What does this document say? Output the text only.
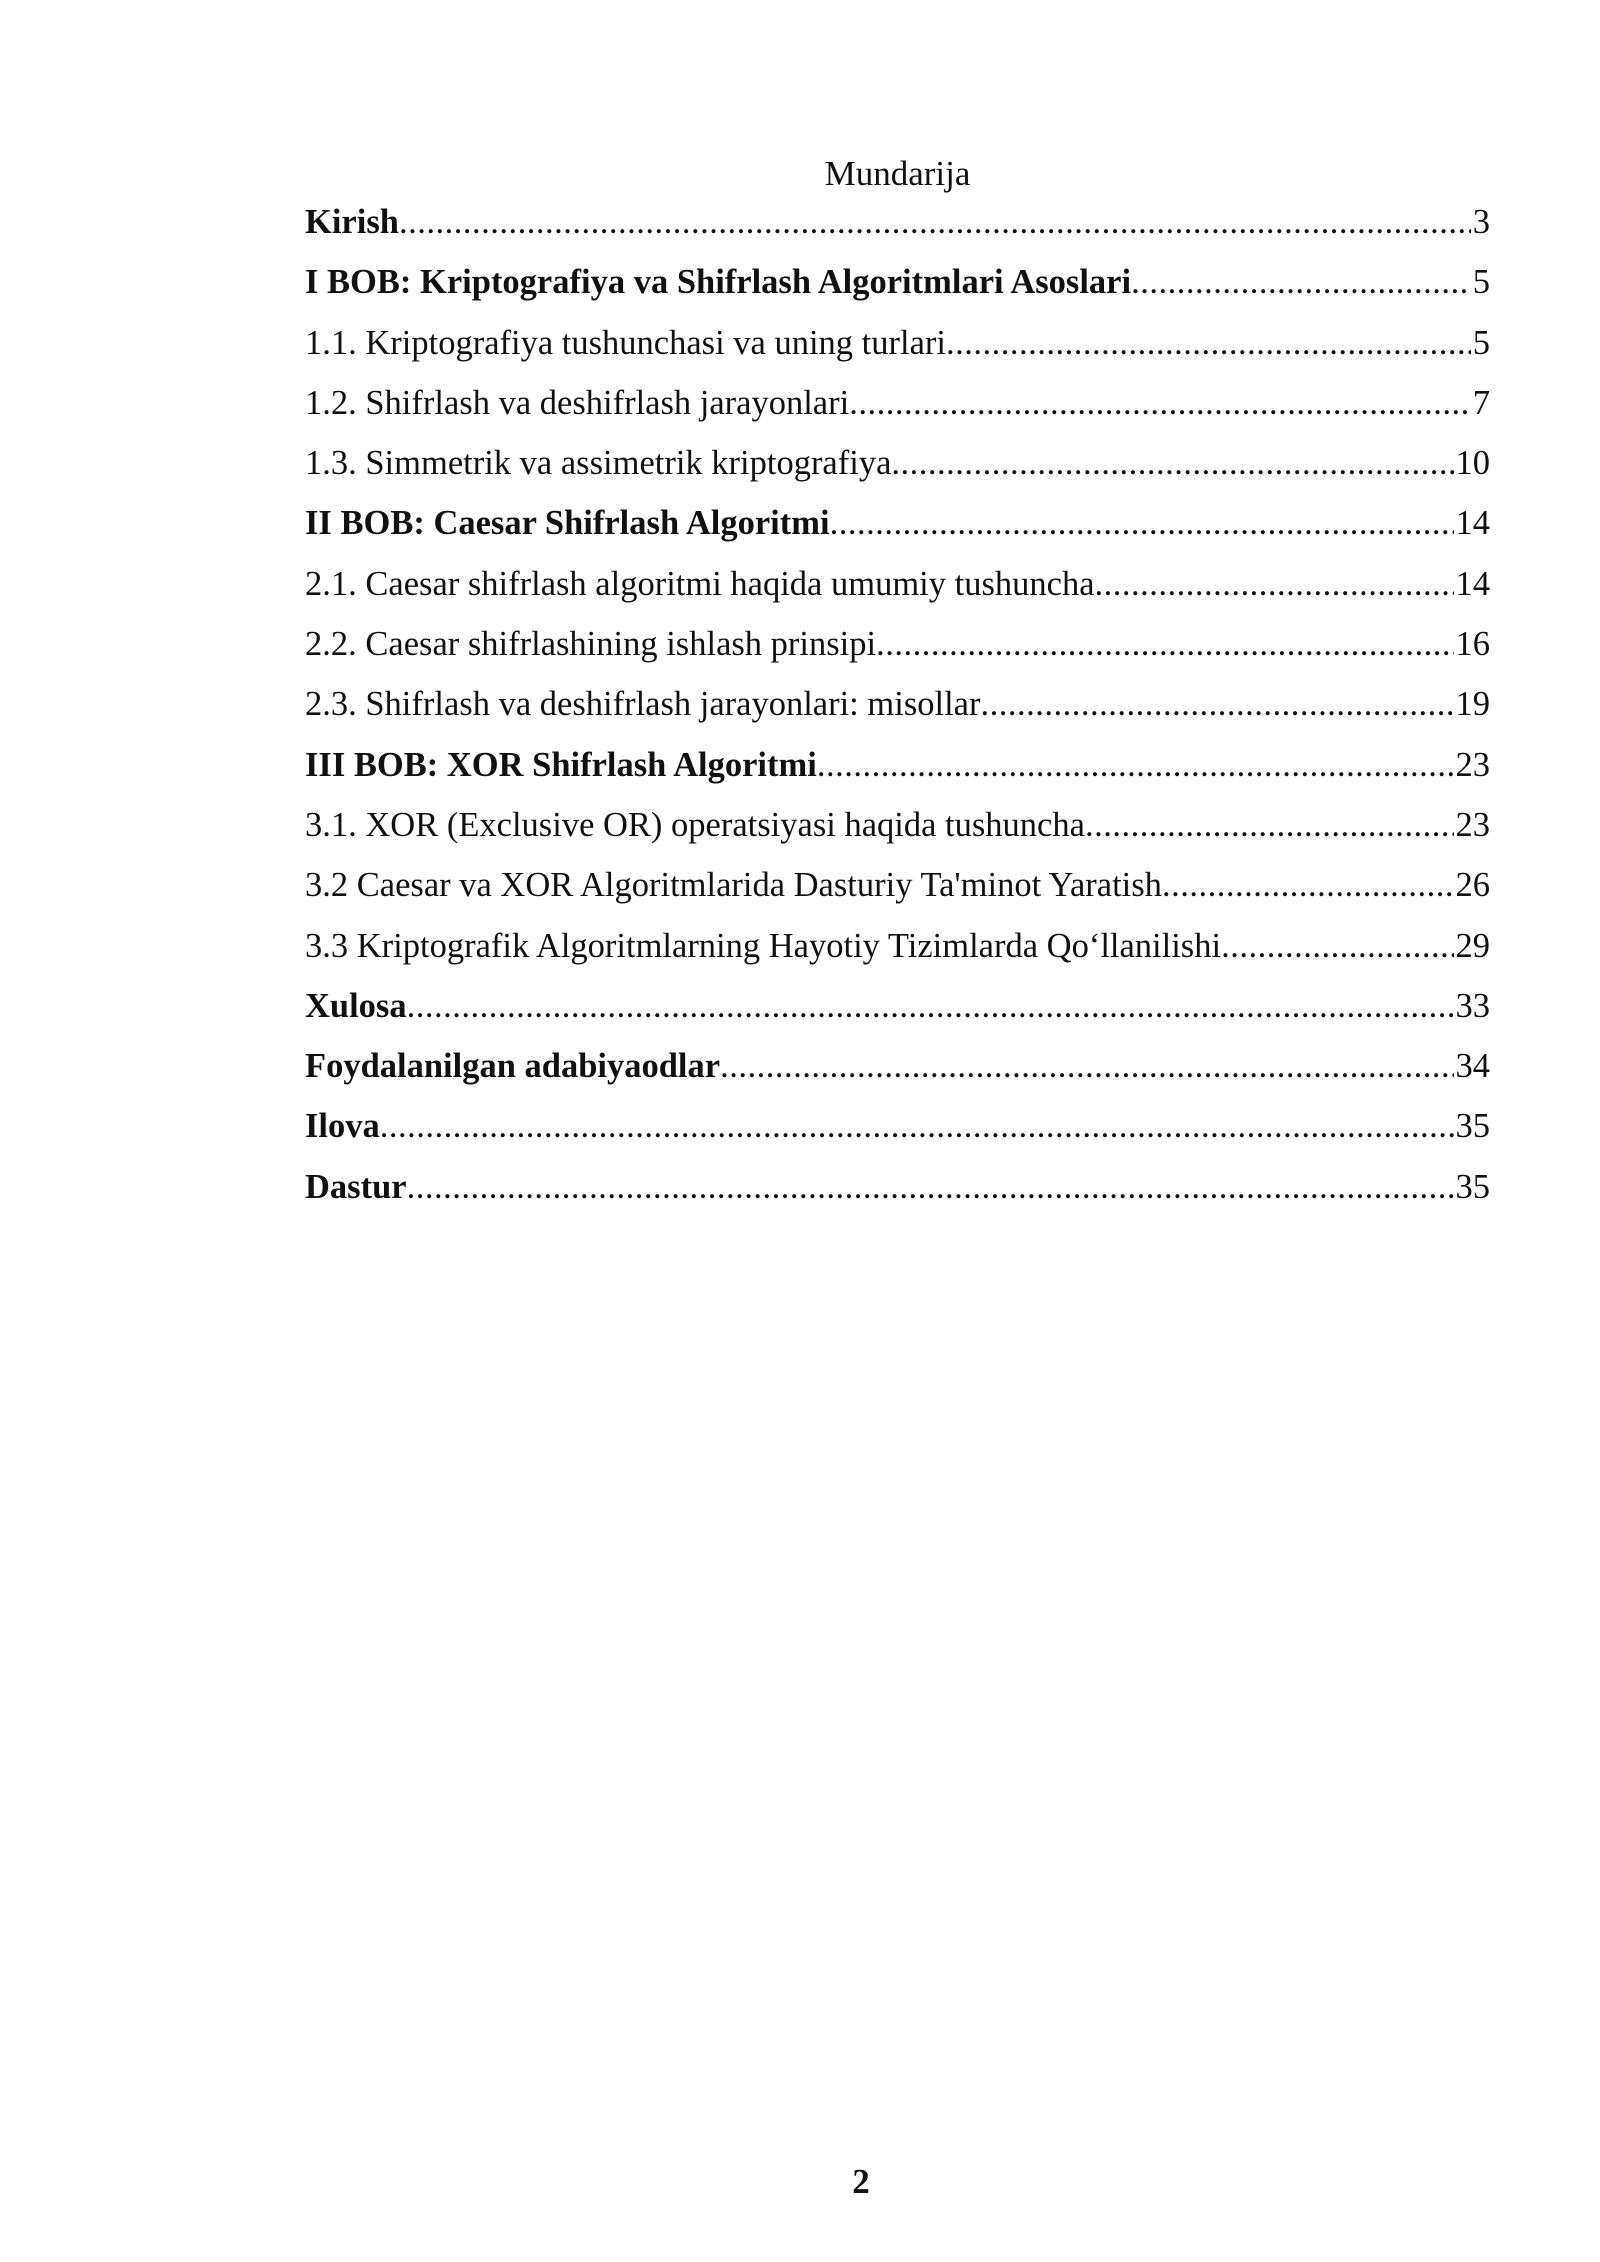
Mundarija
Kirish .....	3
I BOB: Kriptografiya va Shifrlash Algoritmlari Asoslari .....	5
1.1. Kriptografiya tushunchasi va uning turlari .....	5
1.2. Shifrlash va deshifrlash jarayonlari .....	7
1.3. Simmetrik va assimetrik kriptografiya .....	10
II BOB: Caesar Shifrlash Algoritmi .....	14
2.1. Caesar shifrlash algoritmi haqida umumiy tushuncha .....	14
2.2. Caesar shifrlashining ishlash prinsipi .....	16
2.3. Shifrlash va deshifrlash jarayonlari: misollar .....	19
III BOB: XOR Shifrlash Algoritmi .....	23
3.1. XOR (Exclusive OR) operatsiyasi haqida tushuncha .....	23
3.2 Caesar va XOR Algoritmlarida Dasturiy Ta'minot Yaratish .....	26
3.3 Kriptografik Algoritmlarning Hayotiy Tizimlarda Qo‘llanilishi .....	29
Xulosa .....	33
Foydalanilgan adabiyaodlar .....	34
Ilova .....	35
Dastur .....	35
2
